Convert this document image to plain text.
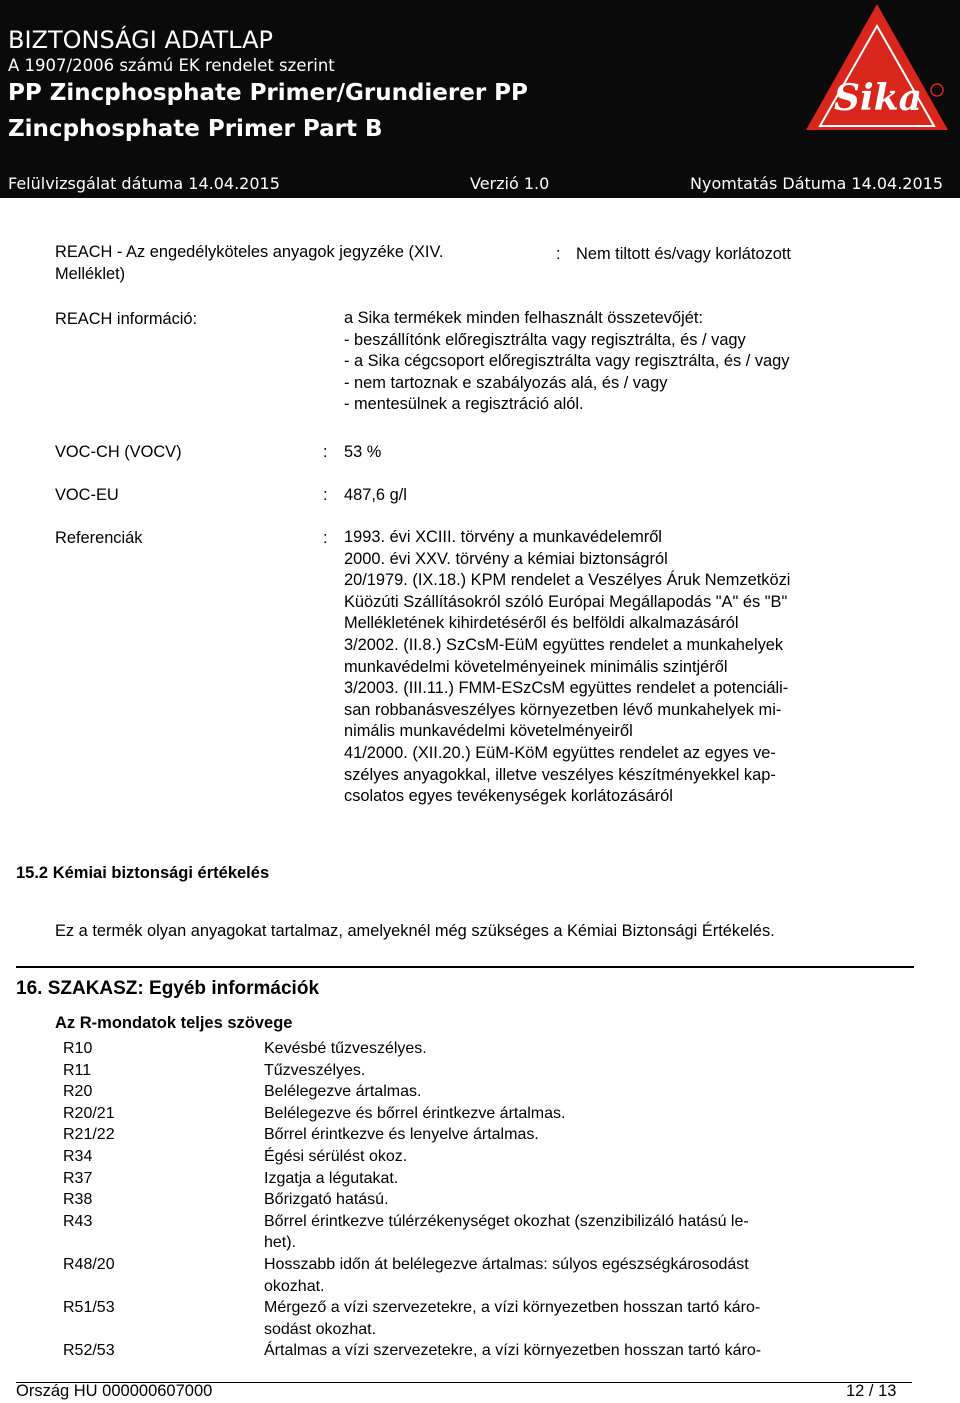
BIZTONSÁGI ADATLAP
A 1907/2006 számú EK rendelet szerint
PP Zincphosphate Primer/Grundierer PP
Zincphosphate Primer Part B
Felülvizsgálat dátuma 14.04.2015	Verzió 1.0	Nyomtatás Dátuma 14.04.2015
Sika
REACH - Az engedélyköteles anyagok jegyzéke (XIV.
Melléklet)
: Nem tiltott és/vagy korlátozott
REACH információ:	a Sika termékek minden felhasznált összetevőjét:
- beszállítónk előregisztrálta vagy regisztrálta, és / vagy
- a Sika cégcsoport előregisztrálta vagy regisztrálta, és / vagy
- nem tartoznak e szabályozás alá, és / vagy
- mentesülnek a regisztráció alól.
VOC-CH (VOCV)	: 53 %
VOC-EU	: 487,6 g/l
Referenciák	: 1993. évi XCIII. törvény a munkavédelemről
2000. évi XXV. törvény a kémiai biztonságról
20/1979. (IX.18.) KPM rendelet a Veszélyes Áruk Nemzetközi
Küözúti Szállításokról szóló Európai Megállapodás "A" és "B"
Mellékletének kihirdetéséről és belföldi alkalmazásáról
3/2002. (II.8.) SzCsM-EüM együttes rendelet a munkahelyek
munkavédelmi követelményeinek minimális szintjéről
3/2003. (III.11.) FMM-ESzCsM együttes rendelet a potenciáli-
san robbanásveszélyes környezetben lévő munkahelyek mi-
nimális munkavédelmi követelményeiről
41/2000. (XII.20.) EüM-KöM együttes rendelet az egyes ve-
szélyes anyagokkal, illetve veszélyes készítményekkel kap-
csolatos egyes tevékenységek korlátozásáról
15.2 Kémiai biztonsági értékelés
Ez a termék olyan anyagokat tartalmaz, amelyeknél még szükséges a Kémiai Biztonsági Értékelés.
16. SZAKASZ: Egyéb információk
Az R-mondatok teljes szövege
R10	Kevésbé tűzveszélyes.
R11	Tűzveszélyes.
R20	Belélegezve ártalmas.
R20/21	Belélegezve és bőrrel érintkezve ártalmas.
R21/22	Bőrrel érintkezve és lenyelve ártalmas.
R34	Égési sérülést okoz.
R37	Izgatja a légutakat.
R38	Bőrizgató hatású.
R43	Bőrrel érintkezve túlérzékenységet okozhat (szenzibilizáló hatású le-
het).
R48/20	Hosszabb időn át belélegezve ártalmas: súlyos egészségkárosodást
okozhat.
R51/53	Mérgező a vízi szervezetekre, a vízi környezetben hosszan tartó káro-
sodást okozhat.
R52/53	Ártalmas a vízi szervezetekre, a vízi környezetben hosszan tartó káro-
Ország HU 000000607000	12 / 13
